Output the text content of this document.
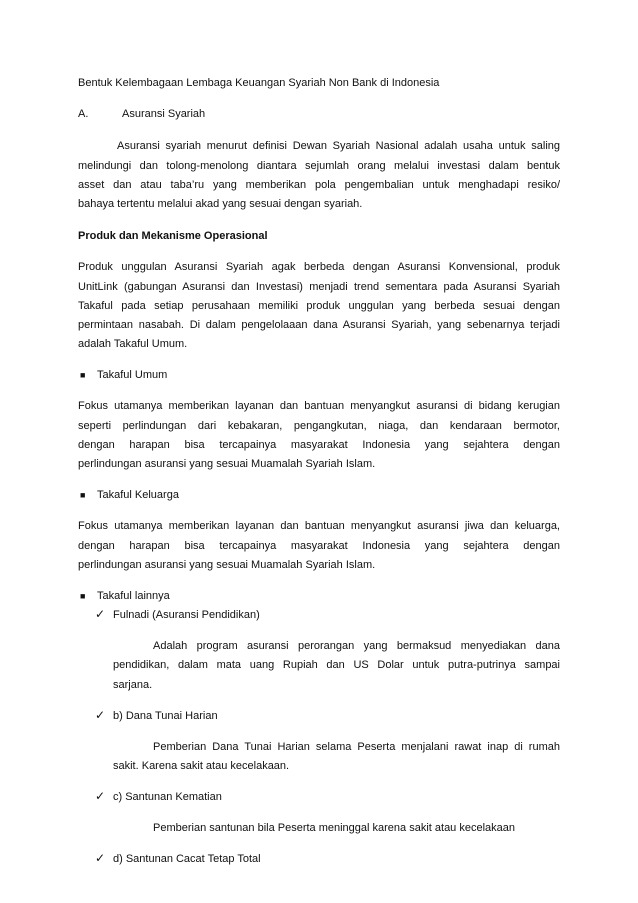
Bentuk Kelembagaan Lembaga Keuangan Syariah Non Bank di Indonesia
A.	Asuransi Syariah
Asuransi syariah menurut definisi Dewan Syariah Nasional adalah usaha untuk saling
melindungi dan tolong-menolong diantara sejumlah orang melalui investasi dalam bentuk
asset dan atau taba’ru yang memberikan pola pengembalian untuk menghadapi resiko/
bahaya tertentu melalui akad yang sesuai dengan syariah.
Produk dan Mekanisme Operasional
Produk unggulan Asuransi Syariah agak berbeda dengan Asuransi Konvensional, produk
UnitLink (gabungan Asuransi dan Investasi) menjadi trend sementara pada Asuransi Syariah
Takaful pada setiap perusahaan memiliki produk unggulan yang berbeda sesuai dengan
permintaan nasabah. Di dalam pengelolaaan dana Asuransi Syariah, yang sebenarnya terjadi
adalah Takaful Umum.
■ Takaful Umum
Fokus utamanya memberikan layanan dan bantuan menyangkut asuransi di bidang kerugian
seperti perlindungan dari kebakaran, pengangkutan, niaga, dan kendaraan bermotor,
dengan harapan bisa tercapainya masyarakat Indonesia yang sejahtera dengan
perlindungan asuransi yang sesuai Muamalah Syariah Islam.
■ Takaful Keluarga
Fokus utamanya memberikan layanan dan bantuan menyangkut asuransi jiwa dan keluarga,
dengan harapan bisa tercapainya masyarakat Indonesia yang sejahtera dengan
perlindungan asuransi yang sesuai Muamalah Syariah Islam.
■ Takaful lainnya
✓ Fulnadi (Asuransi Pendidikan)
Adalah program asuransi perorangan yang bermaksud menyediakan dana
pendidikan, dalam mata uang Rupiah dan US Dolar untuk putra-putrinya sampai
sarjana.
✓ b) Dana Tunai Harian
Pemberian Dana Tunai Harian selama Peserta menjalani rawat inap di rumah
sakit. Karena sakit atau kecelakaan.
✓ c) Santunan Kematian
Pemberian santunan bila Peserta meninggal karena sakit atau kecelakaan
✓ d) Santunan Cacat Tetap Total
